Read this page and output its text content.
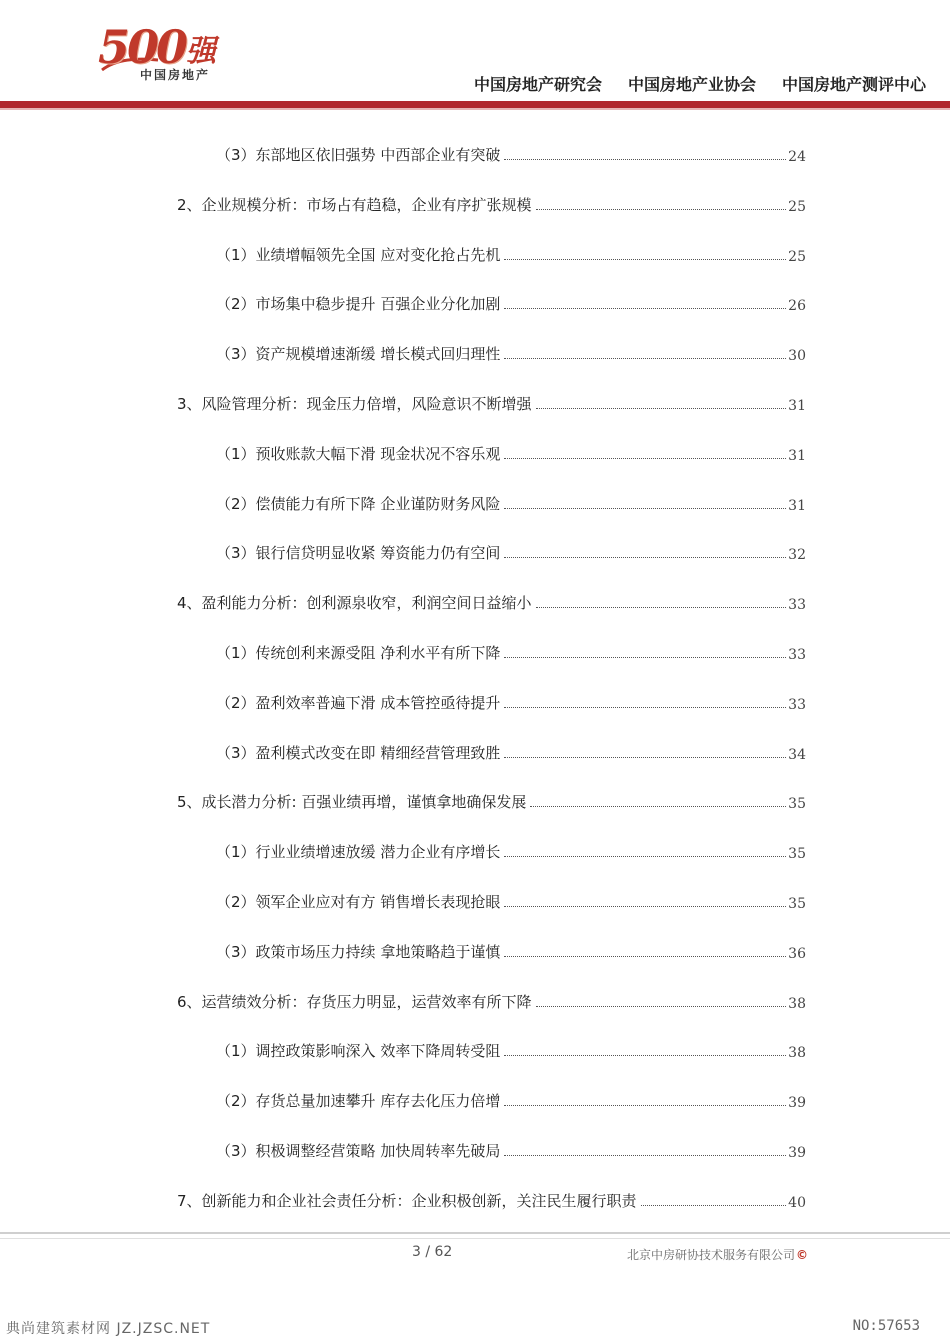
500 强
中国房地产	中国房地产研究会 中国房地产业协会 中国房地产测评中心
（3）东部地区依旧强势 中西部企业有突破	24
2、企业规模分析：市场占有趋稳，企业有序扩张规模	25
（1）业绩增幅领先全国 应对变化抢占先机	25
（2）市场集中稳步提升 百强企业分化加剧	26
（3）资产规模增速渐缓 增长模式回归理性	30
3、风险管理分析：现金压力倍增，风险意识不断增强	31
（1）预收账款大幅下滑 现金状况不容乐观	31
（2）偿债能力有所下降 企业谨防财务风险	31
（3）银行信贷明显收紧 筹资能力仍有空间	32
4、盈利能力分析：创利源泉收窄，利润空间日益缩小	33
（1）传统创利来源受阻 净利水平有所下降	33
（2）盈利效率普遍下滑 成本管控亟待提升	33
（3）盈利模式改变在即 精细经营管理致胜	34
5、成长潜力分析: 百强业绩再增，谨慎拿地确保发展	35
（1）行业业绩增速放缓 潜力企业有序增长	35
（2）领军企业应对有方 销售增长表现抢眼	35
（3）政策市场压力持续 拿地策略趋于谨慎	36
6、运营绩效分析：存货压力明显，运营效率有所下降	38
（1）调控政策影响深入 效率下降周转受阻	38
（2）存货总量加速攀升 库存去化压力倍增	39
（3）积极调整经营策略 加快周转率先破局	39
7、创新能力和企业社会责任分析：企业积极创新，关注民生履行职责	40
3 / 62	北京中房研协技术服务有限公司 ©
典尚建筑素材网 JZ.JZSC.NET	NO:57653
